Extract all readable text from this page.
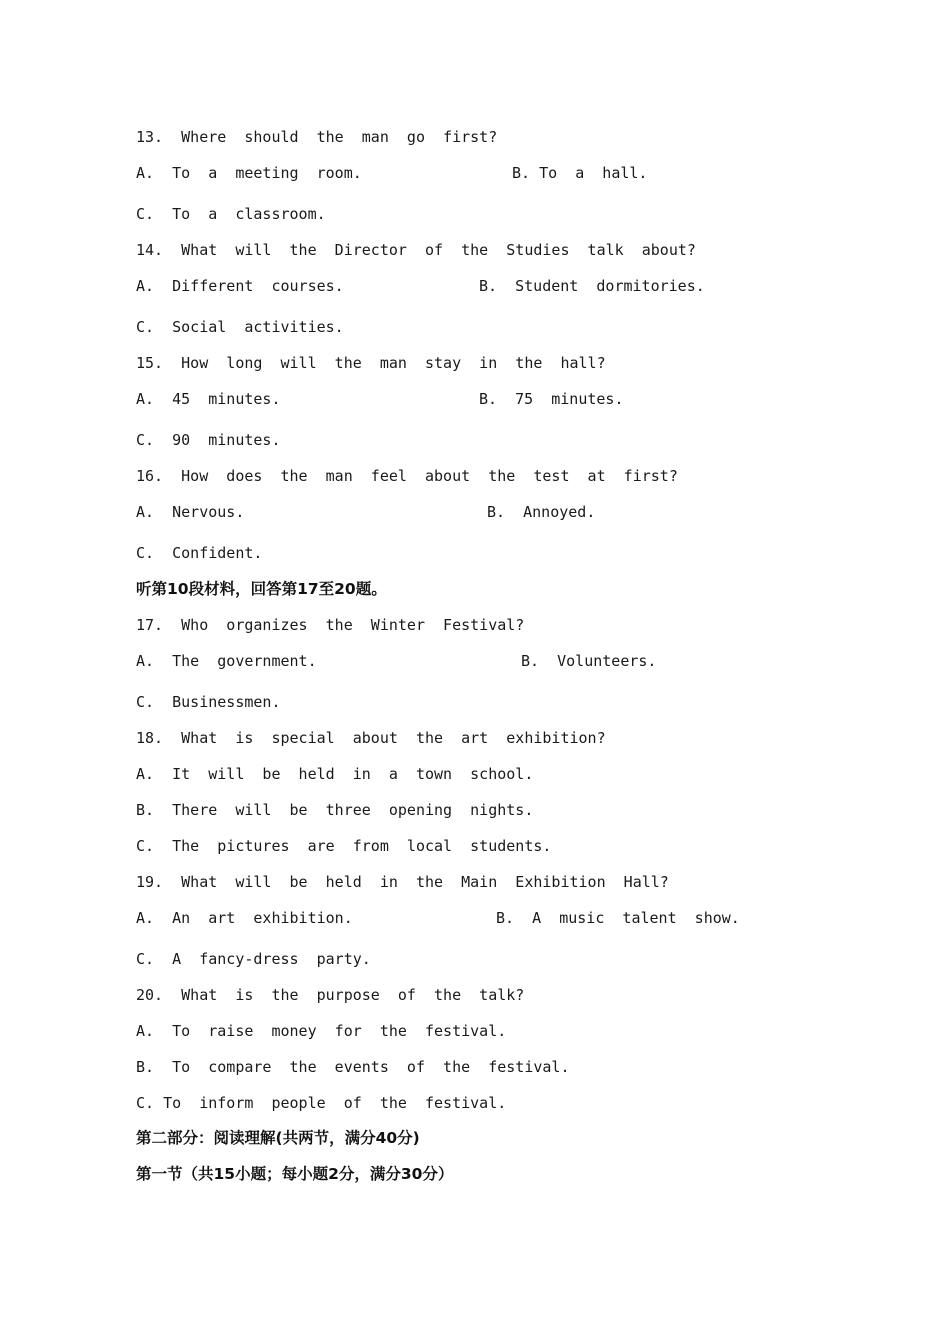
13.  Where  should  the  man  go  first?

A.  To  a  meeting  room.	B. To  a  hall.

C.  To  a  classroom.

14.  What  will  the  Director  of  the  Studies  talk  about?

A.  Different  courses.	B.  Student  dormitories.

C.  Social  activities.

15.  How  long  will  the  man  stay  in  the  hall?

A.  45  minutes.	B.  75  minutes.

C.  90  minutes.

16.  How  does  the  man  feel  about  the  test  at  first?

A.  Nervous.	B.  Annoyed.

C.  Confident.

听第10段材料，回答第17至20题。

17.  Who  organizes  the  Winter  Festival?

A.  The  government.	B.  Volunteers.

C.  Businessmen.

18.  What  is  special  about  the  art  exhibition?

A.  It  will  be  held  in  a  town  school.

B.  There  will  be  three  opening  nights.

C.  The  pictures  are  from  local  students.

19.  What  will  be  held  in  the  Main  Exhibition  Hall?

A.  An  art  exhibition.	B.  A  music  talent  show.

C.  A  fancy-dress  party.

20.  What  is  the  purpose  of  the  talk?

A.  To  raise  money  for  the  festival.

B.  To  compare  the  events  of  the  festival.

C. To  inform  people  of  the  festival.

第二部分：阅读理解(共两节，满分40分)

第一节（共15小题；每小题2分，满分30分）
